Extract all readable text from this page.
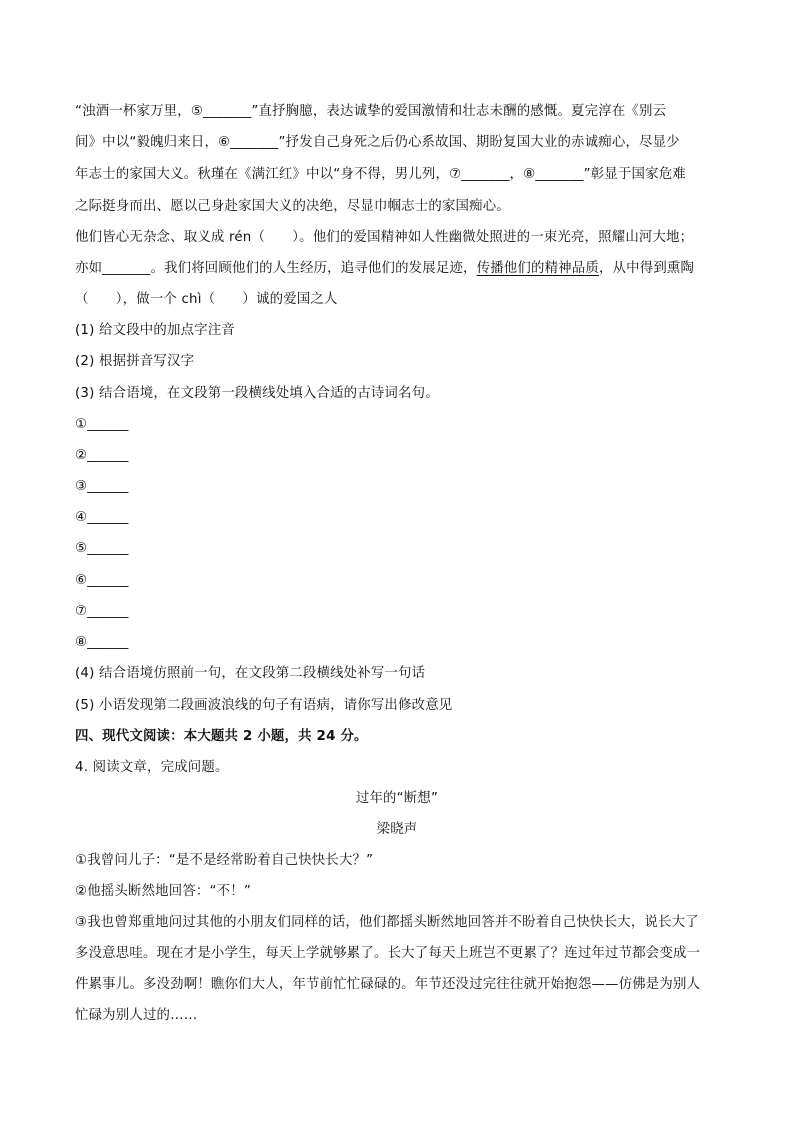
“浊酒一杯家万里，⑤_______”直抒胸臆，表达诚挚的爱国激情和壮志未酬的感慨。夏完淳在《别云
间》中以“毅魄归来日，⑥_______”抒发自己身死之后仍心系故国、期盼复国大业的赤诚痴心，尽显少
年志士的家国大义。秋瑾在《满江红》中以“身不得，男儿列，⑦_______，⑧_______”彰显于国家危难
之际挺身而出、愿以己身赴家国大义的决绝，尽显巾帼志士的家国痴心。
他们皆心无杂念、取义成 rén（　　）。他们的爱国精神如人性幽微处照进的一束光亮，照耀山河大地；
亦如_______。我们将回顾他们的人生经历，追寻他们的发展足迹，传播他们的精神品质，从中得到熏陶
（　　），做一个 chì（　　）诚的爱国之人
(1) 给文段中的加点字注音
(2) 根据拼音写汉字
(3) 结合语境，在文段第一段横线处填入合适的古诗词名句。
①______
②______
③______
④______
⑤______
⑥______
⑦______
⑧______
(4) 结合语境仿照前一句，在文段第二段横线处补写一句话
(5) 小语发现第二段画波浪线的句子有语病，请你写出修改意见
四、现代文阅读：本大题共 2 小题，共 24 分。
4. 阅读文章，完成问题。
过年的“断想”
梁晓声
①我曾问儿子：“是不是经常盼着自己快快长大？”
②他摇头断然地回答：“不！”
③我也曾郑重地问过其他的小朋友们同样的话，他们都摇头断然地回答并不盼着自己快快长大，说长大了
多没意思哇。现在才是小学生，每天上学就够累了。长大了每天上班岂不更累了？连过年过节都会变成一
件累事儿。多没劲啊！瞧你们大人，年节前忙忙碌碌的。年节还没过完往往就开始抱怨——仿佛是为别人
忙碌为别人过的……
